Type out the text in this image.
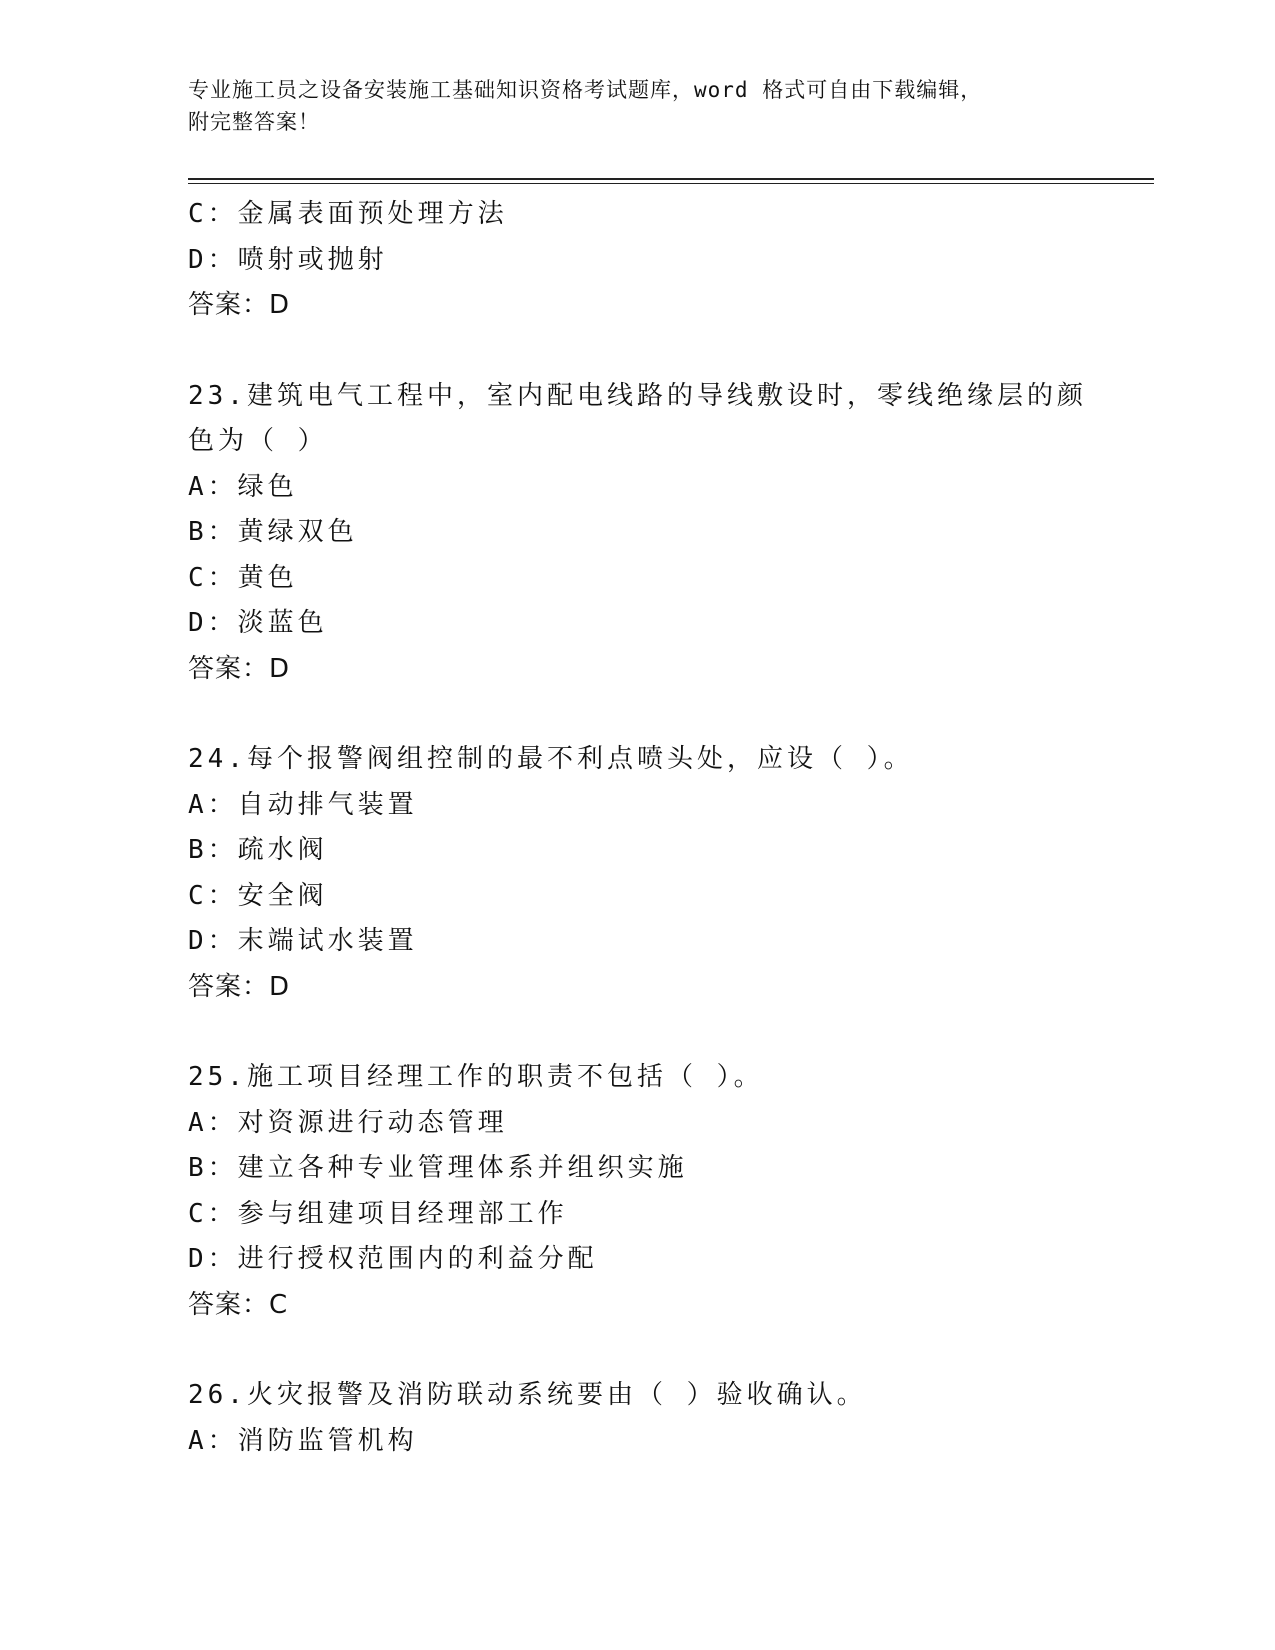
专业施工员之设备安装施工基础知识资格考试题库，word 格式可自由下载编辑，
附完整答案！
C：金属表面预处理方法
D：喷射或抛射
答案：D
23.建筑电气工程中，室内配电线路的导线敷设时，零线绝缘层的颜色为（ ）
A：绿色
B：黄绿双色
C：黄色
D：淡蓝色
答案：D
24.每个报警阀组控制的最不利点喷头处，应设（ ）。
A：自动排气装置
B：疏水阀
C：安全阀
D：末端试水装置
答案：D
25.施工项目经理工作的职责不包括（ ）。
A：对资源进行动态管理
B：建立各种专业管理体系并组织实施
C：参与组建项目经理部工作
D：进行授权范围内的利益分配
答案：C
26.火灾报警及消防联动系统要由（ ）验收确认。
A：消防监管机构
